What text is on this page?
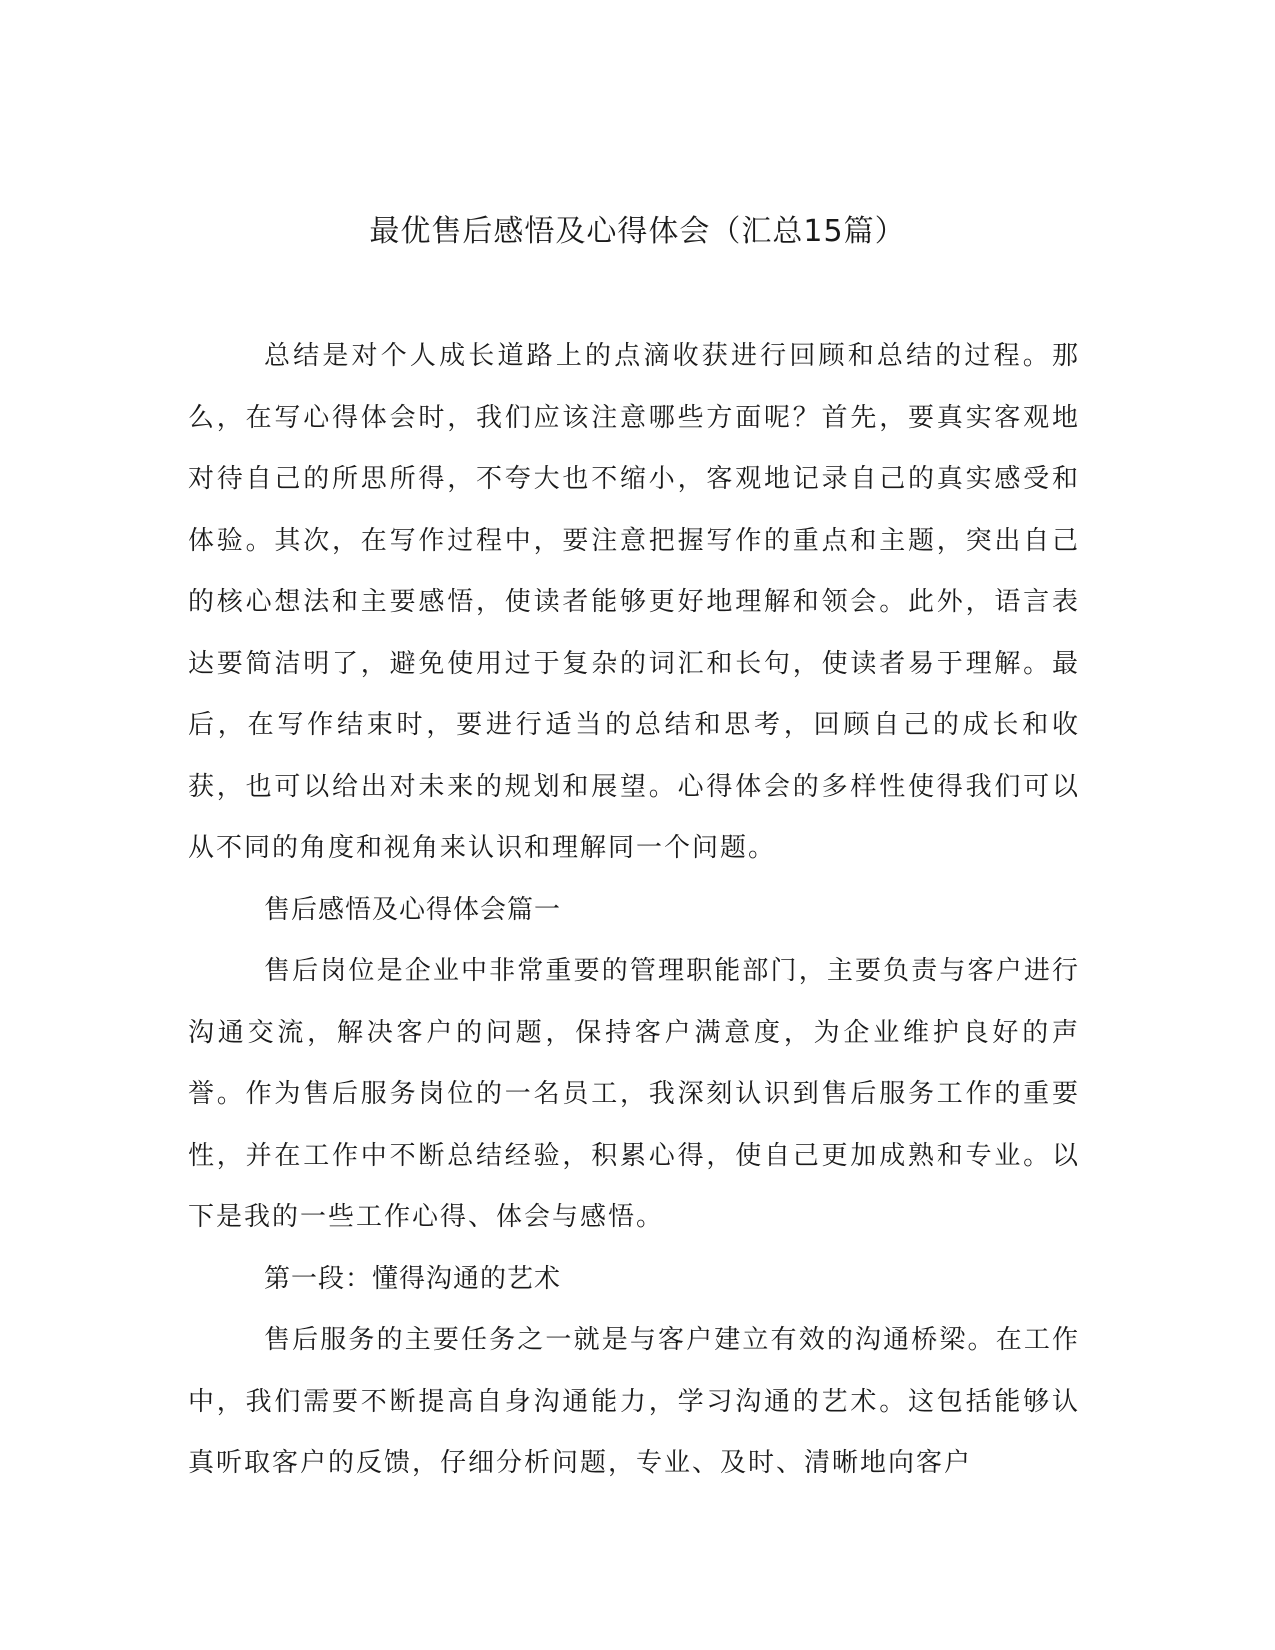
最优售后感悟及心得体会（汇总15篇）

总结是对个人成长道路上的点滴收获进行回顾和总结的过程。那么，在写心得体会时，我们应该注意哪些方面呢？首先，要真实客观地对待自己的所思所得，不夸大也不缩小，客观地记录自己的真实感受和体验。其次，在写作过程中，要注意把握写作的重点和主题，突出自己的核心想法和主要感悟，使读者能够更好地理解和领会。此外，语言表达要简洁明了，避免使用过于复杂的词汇和长句，使读者易于理解。最后，在写作结束时，要进行适当的总结和思考，回顾自己的成长和收获，也可以给出对未来的规划和展望。心得体会的多样性使得我们可以从不同的角度和视角来认识和理解同一个问题。

售后感悟及心得体会篇一

售后岗位是企业中非常重要的管理职能部门，主要负责与客户进行沟通交流，解决客户的问题，保持客户满意度，为企业维护良好的声誉。作为售后服务岗位的一名员工，我深刻认识到售后服务工作的重要性，并在工作中不断总结经验，积累心得，使自己更加成熟和专业。以下是我的一些工作心得、体会与感悟。

第一段：懂得沟通的艺术

售后服务的主要任务之一就是与客户建立有效的沟通桥梁。在工作中，我们需要不断提高自身沟通能力，学习沟通的艺术。这包括能够认真听取客户的反馈，仔细分析问题，专业、及时、清晰地向客户
